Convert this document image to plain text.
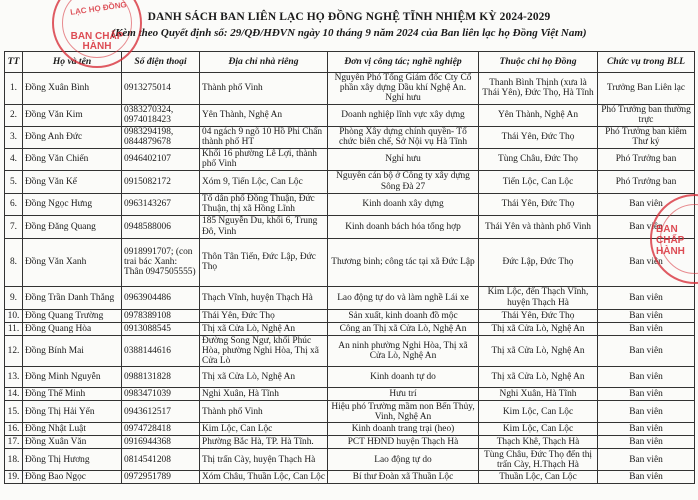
DANH SÁCH BAN LIÊN LẠC HỌ ĐỒNG NGHỆ TĨNH NHIỆM KỲ 2024-2029
(Kèm theo Quyết định số: 29/QĐ/HĐVN ngày 10 tháng 9 năm 2024 của Ban liên lạc họ Đồng Việt Nam)
TT	Họ và tên	Số điện thoại	Địa chỉ nhà riêng	Đơn vị công tác; nghề nghiệp	Thuộc chi họ Đồng	Chức vụ trong BLL
1.	Đồng Xuân Bình	0913275014	Thành phố Vinh	Nguyên Phó Tổng Giám đốc Cty Cổ phần xây dựng Dầu khí Nghệ An. Nghỉ hưu	Thanh Bình Thịnh (xưa là Thái Yên), Đức Thọ, Hà Tĩnh	Trưởng Ban Liên lạc
2.	Đồng Văn Kim	0383270324, 0974018423	Yên Thành, Nghệ An	Doanh nghiệp lĩnh vực xây dựng	Yên Thành, Nghệ An	Phó Trưởng ban thường trực
3.	Đồng Anh Đức	0983294198, 0844879678	04 ngách 9 ngõ 10 Hồ Phi Chấn thành phố HT	Phòng Xây dựng chính quyền- Tổ chức biên chế, Sở Nội vụ Hà Tĩnh	Thái Yên, Đức Thọ	Phó Trưởng ban kiêm Thư ký
4.	Đồng Văn Chiến	0946402107	Khối 16 phường Lê Lợi, thành phố Vinh	Nghỉ hưu	Tùng Châu, Đức Thọ	Phó Trưởng ban
5.	Đồng Văn Kế	0915082172	Xóm 9, Tiến Lộc, Can Lộc	Nguyên cán bộ ở Công ty xây dựng Sông Đà 27	Tiến Lộc, Can Lộc	Phó Trưởng ban
6.	Đồng Ngọc Hưng	0963143267	Tổ dân phố Đồng Thuận, Đức Thuận, thị xã Hồng Lĩnh	Kinh doanh xây dựng	Thái Yên, Đức Thọ	Ban viên
7.	Đồng Đăng Quang	0948588006	185 Nguyễn Du, khối 6, Trung Đô, Vinh	Kinh doanh bách hóa tổng hợp	Thái Yên và thành phố Vinh	Ban viên
8.	Đồng Văn Xanh	0918991707; (con trai bác Xanh: Thân 0947505555)	Thôn Tân Tiến, Đức Lập, Đức Thọ	Thương binh; công tác tại xã Đức Lập	Đức Lập, Đức Thọ	Ban viên
9.	Đồng Trần Danh Thắng	0963904486	Thạch Vĩnh, huyện Thạch Hà	Lao động tự do và làm nghề Lái xe	Kim Lộc, đến Thạch Vĩnh, huyện Thạch Hà	Ban viên
10.	Đồng Quang Trường	0978389108	Thái Yên, Đức Thọ	Sản xuất, kinh doanh đồ mộc	Thái Yên, Đức Thọ	Ban viên
11.	Đồng Quang Hòa	0913088545	Thị xã Cửa Lò, Nghệ An	Công an Thị xã Cửa Lò, Nghệ An	Thị xã Cửa Lò, Nghệ An	Ban viên
12.	Đồng Bính Mai	0388144616	Đường Song Ngư, khối Phúc Hòa, phường Nghi Hòa, Thị xã Cửa Lò	An ninh phường Nghi Hòa, Thị xã Cửa Lò, Nghệ An	Thị xã Cửa Lò, Nghệ An	Ban viên
13.	Đồng Minh Nguyễn	0988131828	Thị xã Cửa Lò, Nghệ An	Kinh doanh tự do	Thị xã Cửa Lò, Nghệ An	Ban viên
14.	Đồng Thế Minh	0983471039	Nghi Xuân, Hà Tĩnh	Hưu trí	Nghi Xuân, Hà Tĩnh	Ban viên
15.	Đồng Thị Hải Yến	0943612517	Thành phố Vinh	Hiệu phó Trường mầm non Bến Thủy, Vinh, Nghệ An	Kim Lộc, Can Lộc	Ban viên
16.	Đồng Nhật Luật	0974728418	Kim Lộc, Can Lộc	Kinh doanh trang trại (heo)	Kim Lộc, Can Lộc	Ban viên
17.	Đồng Xuân Văn	0916944368	Phường Bắc Hà, TP. Hà Tĩnh.	PCT HĐND huyện Thạch Hà	Thạch Khê, Thạch Hà	Ban viên
18.	Đồng Thị Hương	0814541208	Thị trấn Cày, huyện Thạch Hà	Lao động tự do	Tùng Châu, Đức Thọ đến thị trấn Cày, H.Thạch Hà	Ban viên
19.	Đồng Bao Ngọc	0972951789	Xóm Châu, Thuần Lộc, Can Lộc	Bí thư Đoàn xã Thuần Lộc	Thuần Lộc, Can Lộc	Ban viên
BAN CHẤP HÀNH
LẠC HỌ ĐỒNG
BAN CHẤP HÀNH
